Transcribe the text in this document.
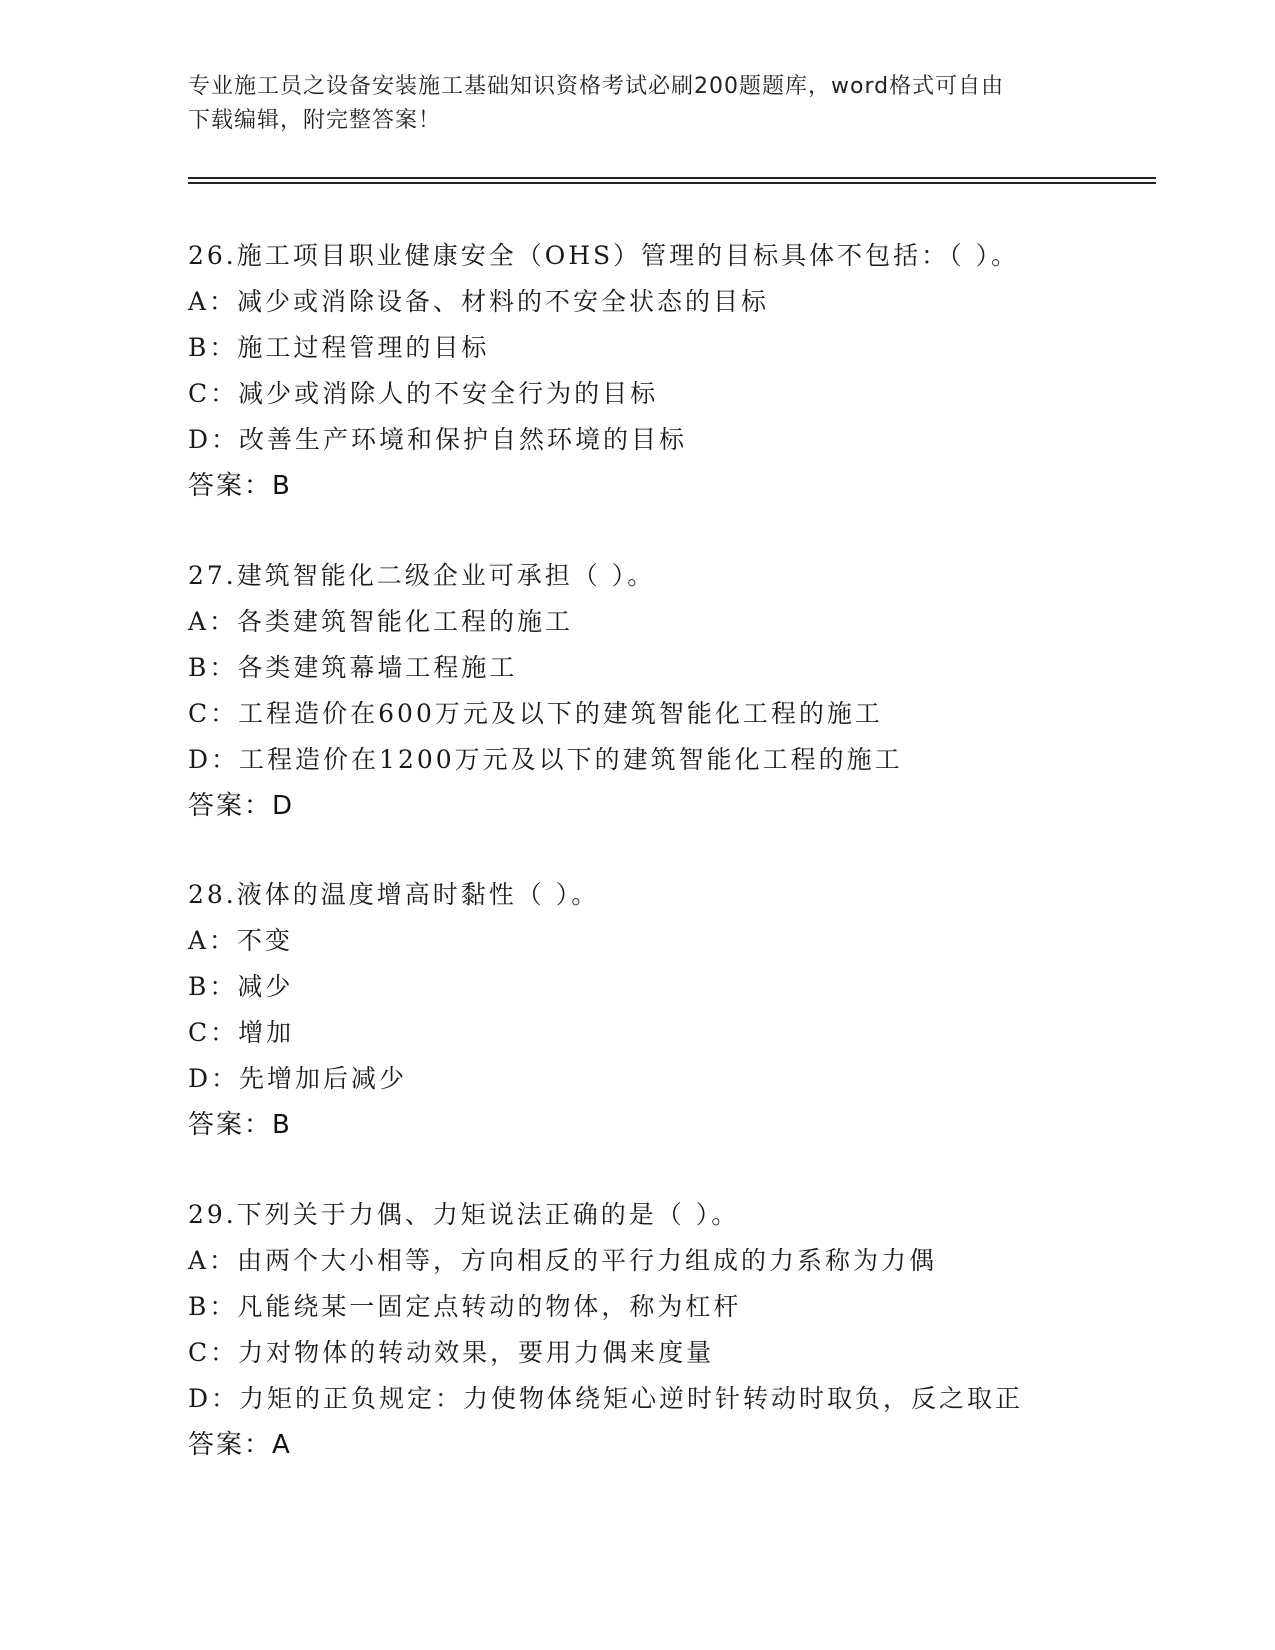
专业施工员之设备安装施工基础知识资格考试必刷200题题库，word格式可自由
下载编辑，附完整答案！
26.施工项目职业健康安全（OHS）管理的目标具体不包括：（ ）。
A：减少或消除设备、材料的不安全状态的目标
B：施工过程管理的目标
C：减少或消除人的不安全行为的目标
D：改善生产环境和保护自然环境的目标
答案：B
27.建筑智能化二级企业可承担（ ）。
A：各类建筑智能化工程的施工
B：各类建筑幕墙工程施工
C：工程造价在600万元及以下的建筑智能化工程的施工
D：工程造价在1200万元及以下的建筑智能化工程的施工
答案：D
28.液体的温度增高时黏性（ ）。
A：不变
B：减少
C：增加
D：先增加后减少
答案：B
29.下列关于力偶、力矩说法正确的是（ ）。
A：由两个大小相等，方向相反的平行力组成的力系称为力偶
B：凡能绕某一固定点转动的物体，称为杠杆
C：力对物体的转动效果，要用力偶来度量
D：力矩的正负规定：力使物体绕矩心逆时针转动时取负，反之取正
答案：A
